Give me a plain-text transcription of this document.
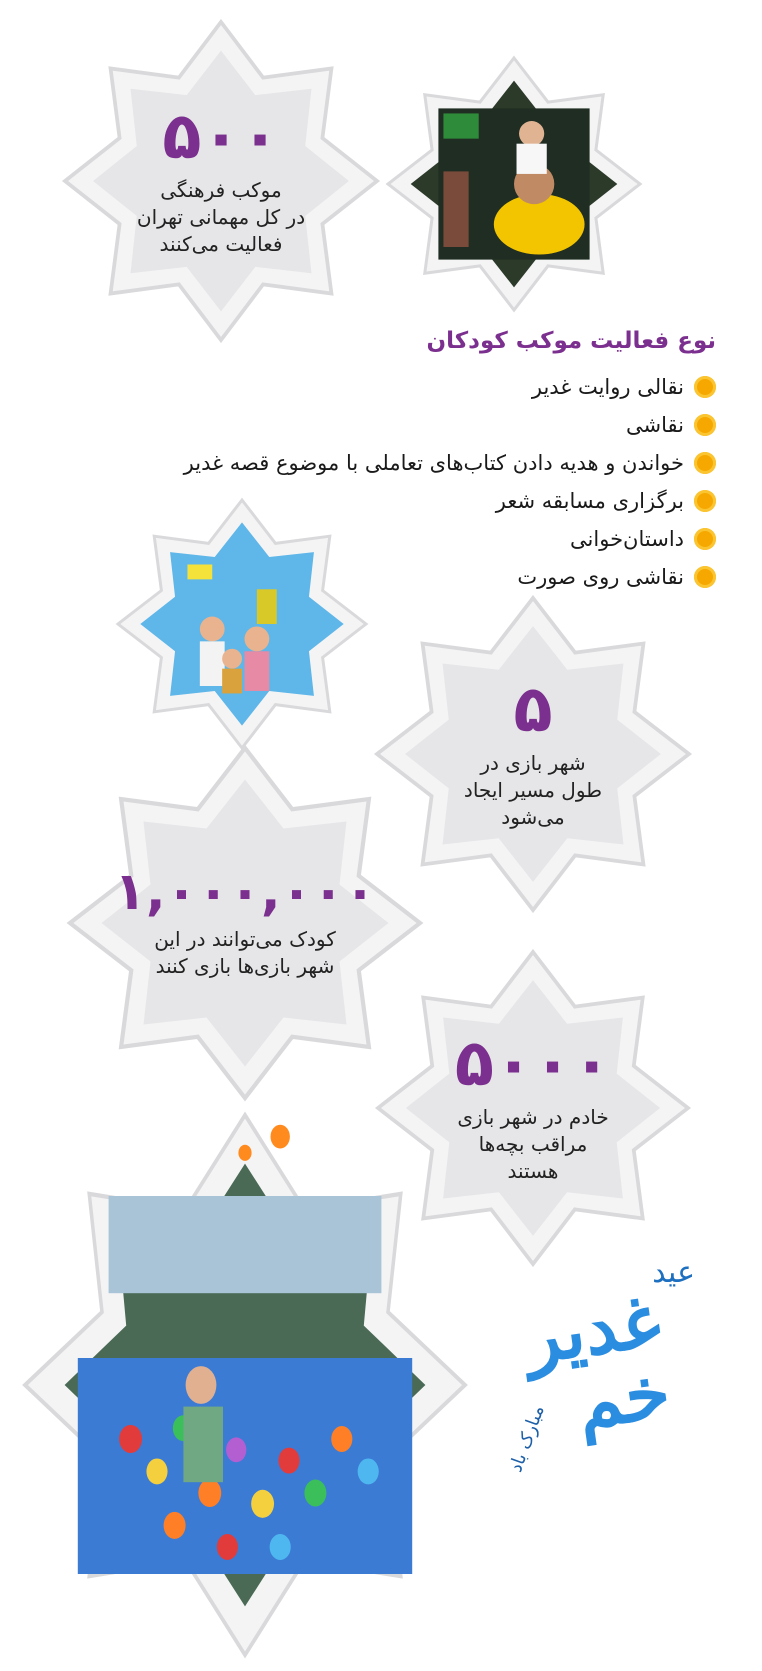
۵۰۰
موکب فرهنگی
در کل مهمانی تهران
فعالیت می‌کنند
نوع فعالیت موکب کودکان
نقالی روایت غدیر
نقاشی
خواندن و هدیه دادن کتاب‌های تعاملی با موضوع قصه غدیر
برگزاری مسابقه شعر
داستان‌خوانی
نقاشی روی صورت
۵
شهر بازی در
طول مسیر ایجاد
می‌شود
۱,۰۰۰,۰۰۰
کودک می‌توانند در این
شهر بازی‌ها بازی کنند
۵۰۰۰
خادم در شهر بازی
مراقب بچه‌ها
هستند
عید
غدیر خم
مبارک باد
